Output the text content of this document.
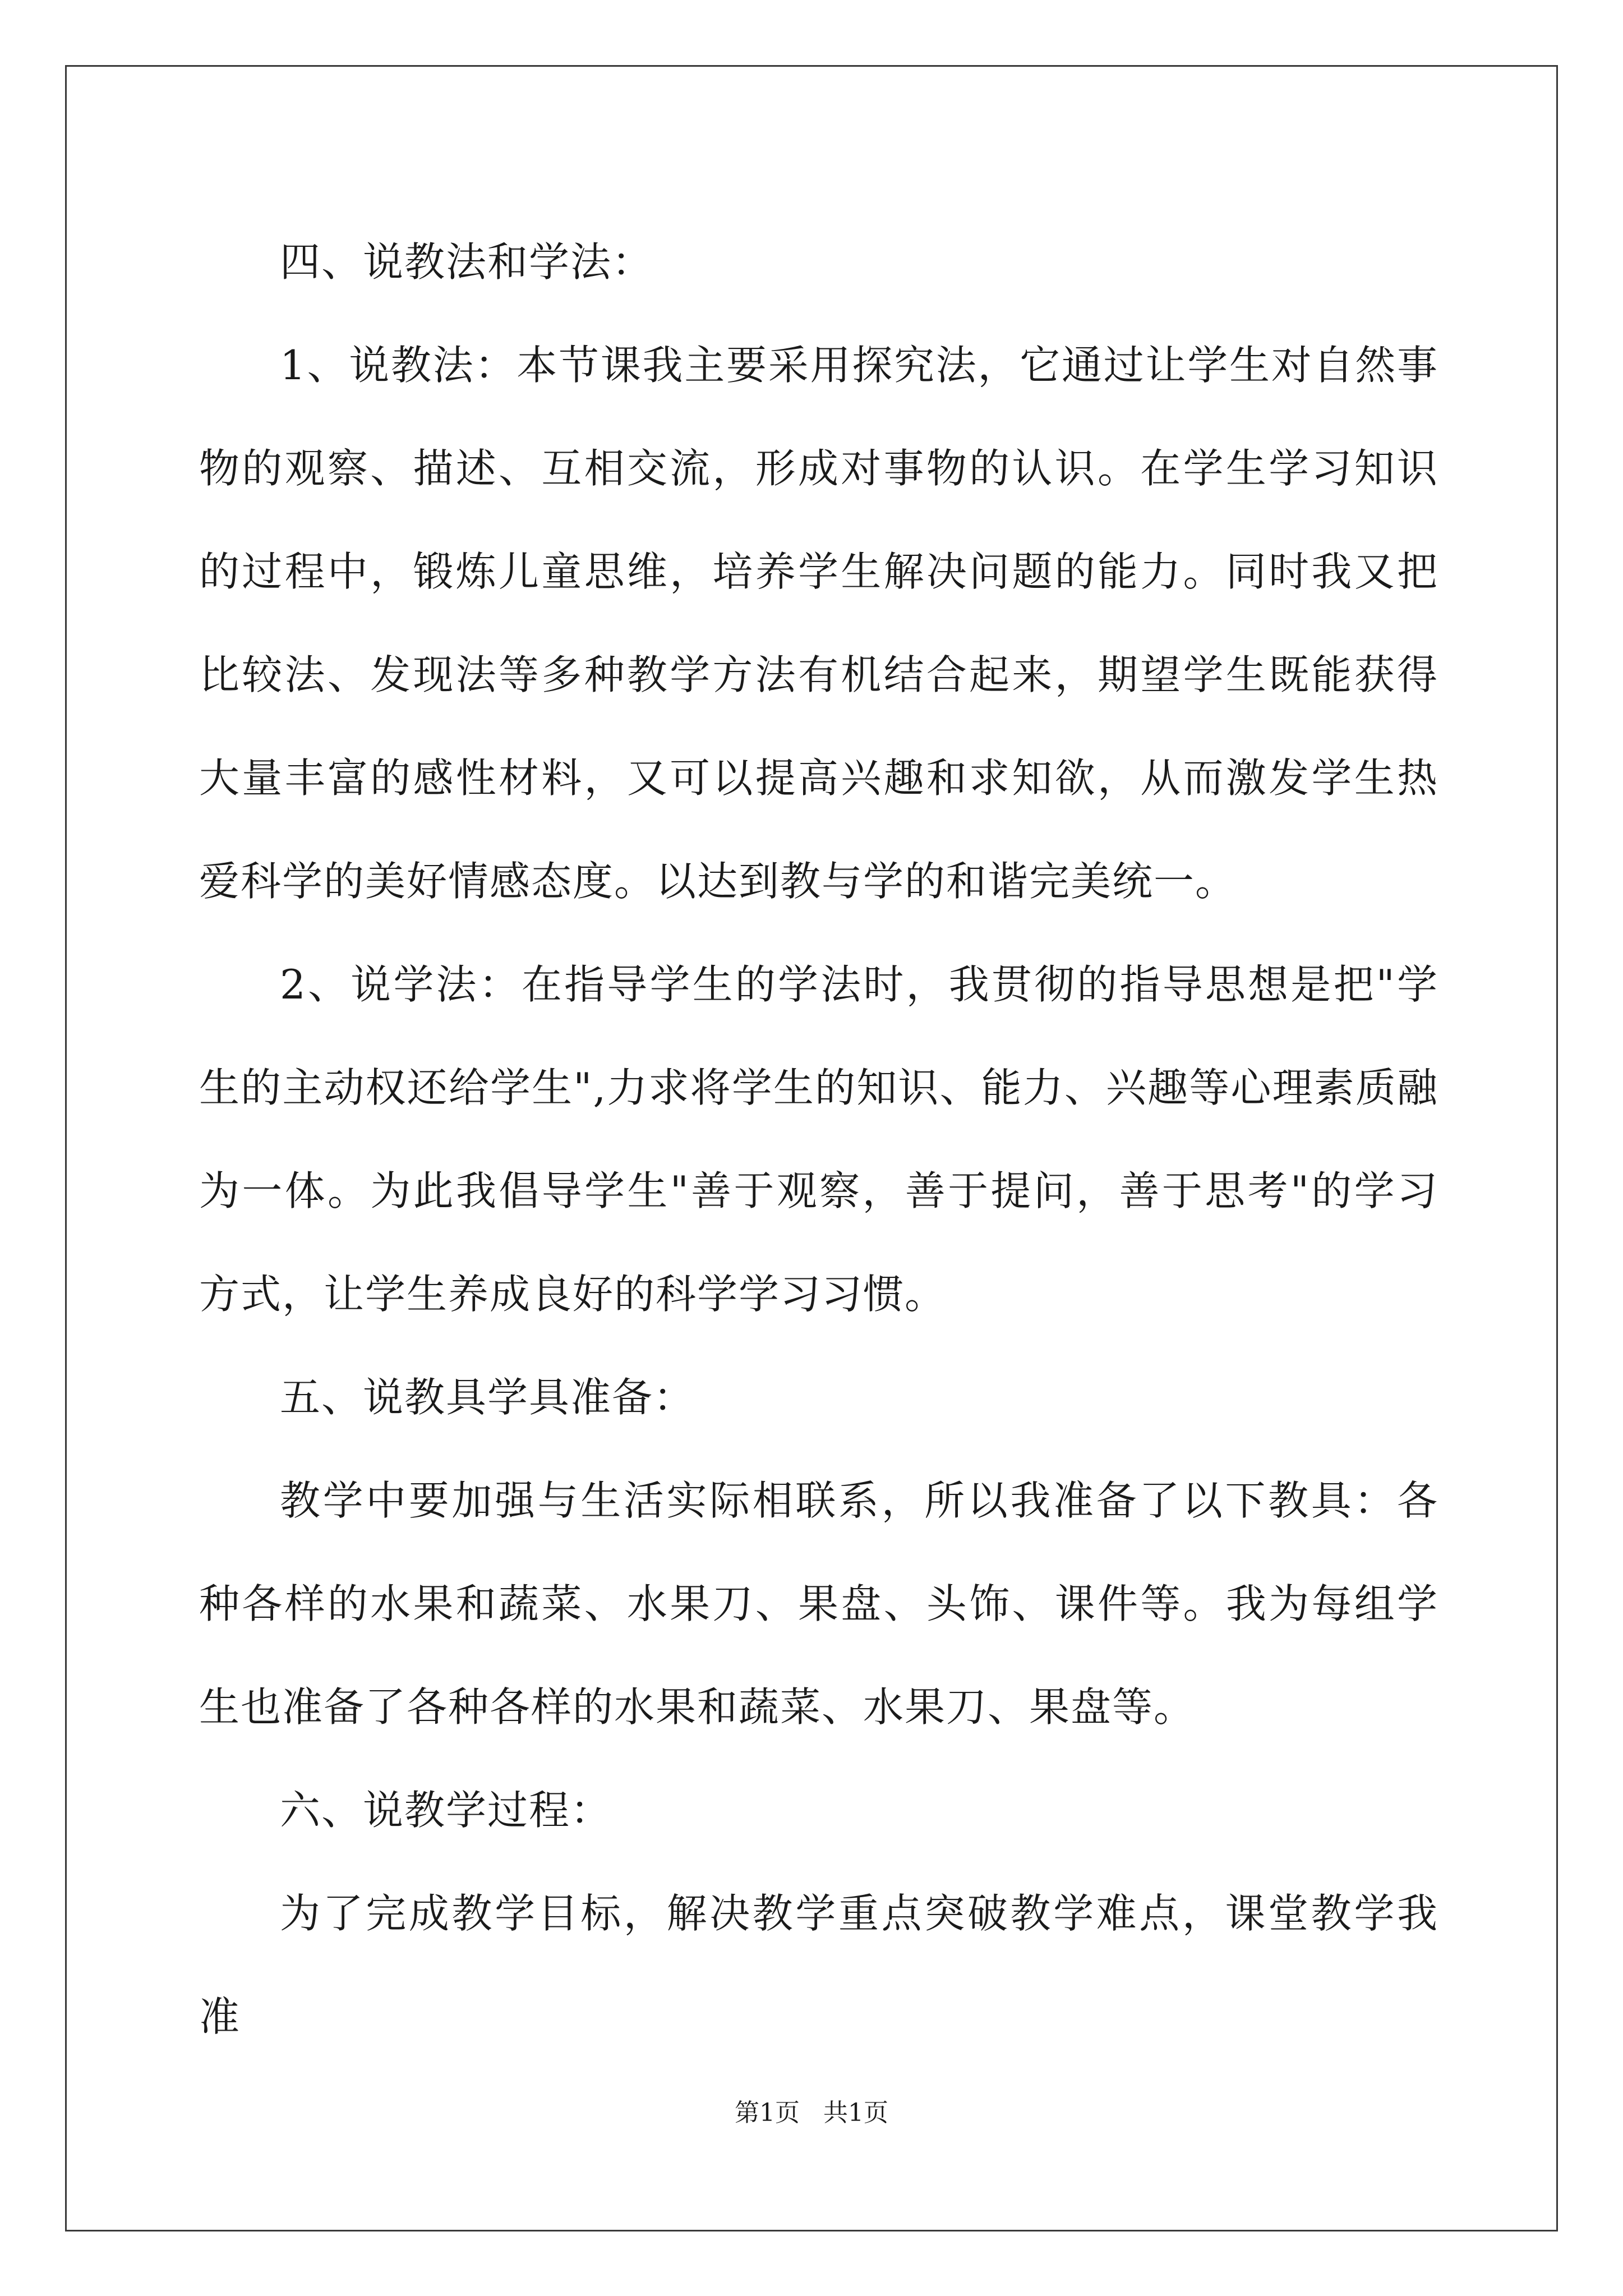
四、说教法和学法：

1、说教法：本节课我主要采用探究法，它通过让学生对自然事物的观察、描述、互相交流，形成对事物的认识。在学生学习知识的过程中，锻炼儿童思维，培养学生解决问题的能力。同时我又把比较法、发现法等多种教学方法有机结合起来，期望学生既能获得大量丰富的感性材料，又可以提高兴趣和求知欲，从而激发学生热爱科学的美好情感态度。以达到教与学的和谐完美统一。

2、说学法：在指导学生的学法时，我贯彻的指导思想是把"学生的主动权还给学生",力求将学生的知识、能力、兴趣等心理素质融为一体。为此我倡导学生"善于观察，善于提问，善于思考"的学习方式，让学生养成良好的科学学习习惯。

五、说教具学具准备：

教学中要加强与生活实际相联系，所以我准备了以下教具：各种各样的水果和蔬菜、水果刀、果盘、头饰、课件等。我为每组学生也准备了各种各样的水果和蔬菜、水果刀、果盘等。

六、说教学过程：

为了完成教学目标，解决教学重点突破教学难点，课堂教学我准

第1页 共1页
